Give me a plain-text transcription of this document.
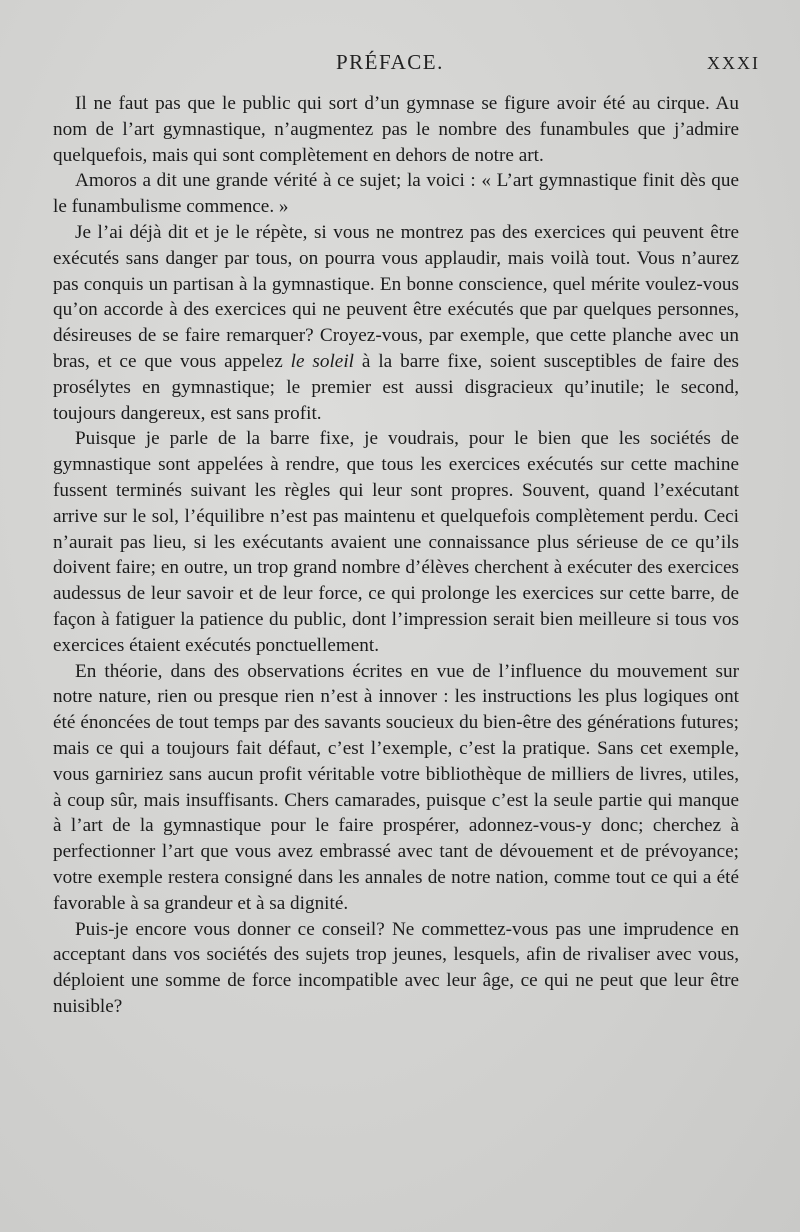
PRÉFACE.	XXXI

Il ne faut pas que le public qui sort d’un gymnase se figure avoir été au cirque. Au nom de l’art gymnastique, n’augmentez pas le nombre des funambules que j’admire quelquefois, mais qui sont complètement en dehors de notre art.

Amoros a dit une grande vérité à ce sujet; la voici : « L’art gymnastique finit dès que le funambulisme commence. »

Je l’ai déjà dit et je le répète, si vous ne montrez pas des exercices qui peuvent être exécutés sans danger par tous, on pourra vous applaudir, mais voilà tout. Vous n’aurez pas conquis un partisan à la gymnastique. En bonne conscience, quel mérite voulez-vous qu’on accorde à des exercices qui ne peuvent être exécutés que par quelques personnes, désireuses de se faire remarquer? Croyez-vous, par exemple, que cette planche avec un bras, et ce que vous appelez le soleil à la barre fixe, soient susceptibles de faire des prosélytes en gymnastique; le premier est aussi disgracieux qu’inutile; le second, toujours dangereux, est sans profit.

Puisque je parle de la barre fixe, je voudrais, pour le bien que les sociétés de gymnastique sont appelées à rendre, que tous les exercices exécutés sur cette machine fussent terminés suivant les règles qui leur sont propres. Souvent, quand l’exécutant arrive sur le sol, l’équilibre n’est pas maintenu et quelquefois complètement perdu. Ceci n’aurait pas lieu, si les exécutants avaient une connaissance plus sérieuse de ce qu’ils doivent faire; en outre, un trop grand nombre d’élèves cherchent à exécuter des exercices audessus de leur savoir et de leur force, ce qui prolonge les exercices sur cette barre, de façon à fatiguer la patience du public, dont l’impression serait bien meilleure si tous vos exercices étaient exécutés ponctuellement.

En théorie, dans des observations écrites en vue de l’influence du mouvement sur notre nature, rien ou presque rien n’est à innover : les instructions les plus logiques ont été énoncées de tout temps par des savants soucieux du bien-être des générations futures; mais ce qui a toujours fait défaut, c’est l’exemple, c’est la pratique. Sans cet exemple, vous garniriez sans aucun profit véritable votre bibliothèque de milliers de livres, utiles, à coup sûr, mais insuffisants. Chers camarades, puisque c’est la seule partie qui manque à l’art de la gymnastique pour le faire prospérer, adonnez-vous-y donc; cherchez à perfectionner l’art que vous avez embrassé avec tant de dévouement et de prévoyance; votre exemple restera consigné dans les annales de notre nation, comme tout ce qui a été favorable à sa grandeur et à sa dignité.

Puis-je encore vous donner ce conseil? Ne commettez-vous pas une imprudence en acceptant dans vos sociétés des sujets trop jeunes, lesquels, afin de rivaliser avec vous, déploient une somme de force incompatible avec leur âge, ce qui ne peut que leur être nuisible?
